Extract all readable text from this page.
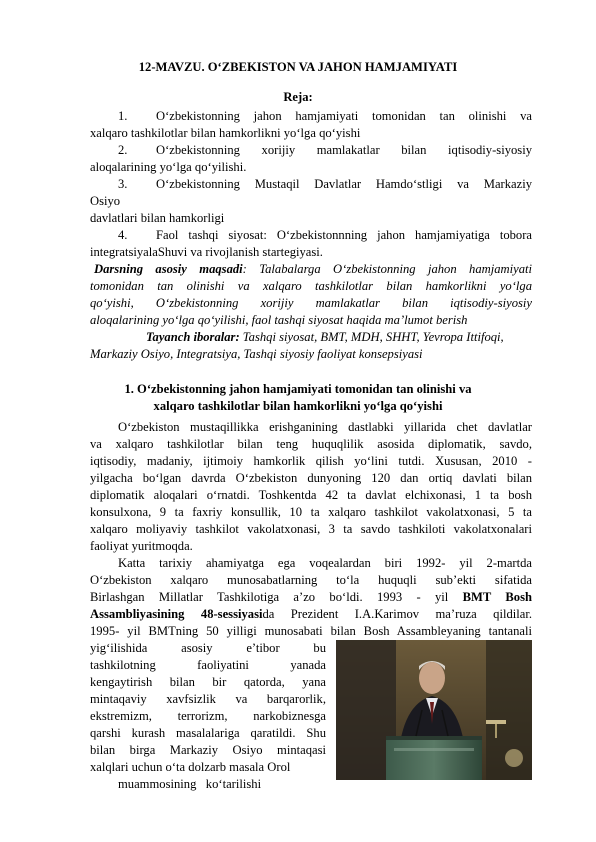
12-MAVZU. O‘ZBEKISTON VA JAHON HAMJAMIYATI
Reja:
1. O‘zbekistonning jahon hamjamiyati tomonidan tan olinishi va
xalqaro tashkilotlar bilan hamkorlikni yo‘lga qo‘yishi
2. O‘zbekistonning xorijiy mamlakatlar bilan iqtisodiy-siyosiy
aloqalarining yo‘lga qo‘yilishi.
3. O‘zbekistonning Mustaqil Davlatlar Hamdo‘stligi va Markaziy
Osiyo
davlatlari bilan hamkorligi
4. Faol tashqi siyosat: O‘zbekistonnning jahon hamjamiyatiga tobora
integratsiyalaShuvi va rivojlanish startegiyasi.
Darsning asosiy maqsadi: Talabalarga O‘zbekistonning jahon hamjamiyati
tomonidan tan olinishi va xalqaro tashkilotlar bilan hamkorlikni yo‘lga
qo‘yishi, O‘zbekistonning xorijiy mamlakatlar bilan iqtisodiy-siyosiy
aloqalarining yo‘lga qo‘yilishi, faol tashqi siyosat haqida ma’lumot berish
Tayanch iboralar: Tashqi siyosat, BMT, MDH, SHHT, Yevropa Ittifoqi,
Markaziy Osiyo, Integratsiya, Tashqi siyosiy faoliyat konsepsiyasi
1. O‘zbekistonning jahon hamjamiyati tomonidan tan olinishi va
xalqaro tashkilotlar bilan hamkorlikni yo‘lga qo‘yishi
O‘zbekiston mustaqillikka erishganining dastlabki yillarida chet davlatlar
va xalqaro tashkilotlar bilan teng huquqlilik asosida diplomatik, savdo,
iqtisodiy, madaniy, ijtimoiy hamkorlik qilish yo‘lini tutdi. Xususan, 2010 -
yilgacha bo‘lgan davrda O‘zbekiston dunyoning 120 dan ortiq davlati bilan
diplomatik aloqalari o‘rnatdi. Toshkentda 42 ta davlat elchixonasi, 1 ta bosh
konsulxona, 9 ta faxriy konsullik, 10 ta xalqaro tashkilot vakolatxonasi, 5 ta
xalqaro moliyaviy tashkilot vakolatxonasi, 3 ta savdo tashkiloti vakolatxonalari
faoliyat yuritmoqda.
Katta tarixiy ahamiyatga ega voqealardan biri 1992- yil 2-martda
O‘zbekiston xalqaro munosabatlarning to‘la huquqli sub’ekti sifatida
Birlashgan Millatlar Tashkilotiga a’zo bo‘ldi. 1993 - yil BMT Bosh
Assambliyasining 48-sessiyasida Prezident I.A.Karimov ma’ruza qildilar.
1995- yil BMTning 50 yilligi munosabati bilan Bosh Assambleyaning tantanali
yig‘ilishida asosiy e’tibor bu
tashkilotning faoliyatini yanada
kengaytirish bilan bir qatorda, yana
mintaqaviy xavfsizlik va barqarorlik,
ekstremizm, terrorizm, narkobiznesga
qarshi kurash masalalariga qaratildi. Shu
bilan birga Markaziy Osiyo mintaqasi
xalqlari uchun o‘ta dolzarb masala Orol
muammosining   ko‘tarilishi
